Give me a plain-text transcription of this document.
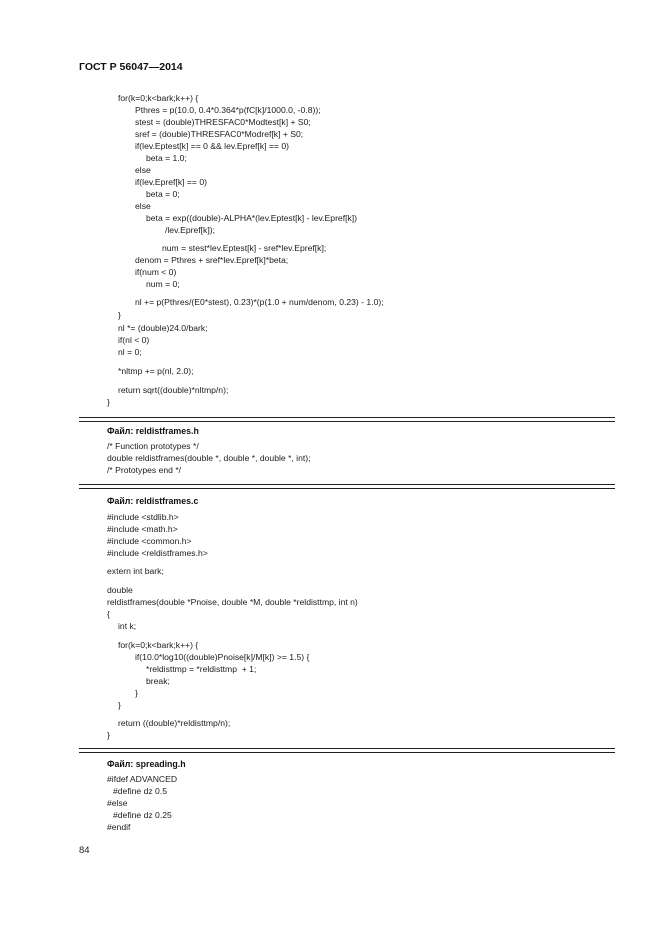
ГОСТ Р 56047—2014
for(k=0;k<bark;k++) {
Pthres = p(10.0, 0.4*0.364*p(fC[k]/1000.0, -0.8));
stest = (double)THRESFAC0*Modtest[k] + S0;
sref = (double)THRESFAC0*Modref[k] + S0;
if(lev.Eptest[k] == 0 && lev.Epref[k] == 0)
beta = 1.0;
else
if(lev.Epref[k] == 0)
beta = 0;
else
beta = exp((double)-ALPHA*(lev.Eptest[k] - lev.Epref[k])
/lev.Epref[k]);
num = stest*lev.Eptest[k] - sref*lev.Epref[k];
denom = Pthres + sref*lev.Epref[k]*beta;
if(num < 0)
num = 0;
nl += p(Pthres/(E0*stest), 0.23)*(p(1.0 + num/denom, 0.23) - 1.0);
}
nl *= (double)24.0/bark;
if(nl < 0)
nl = 0;
*nltmp += p(nl, 2.0);
return sqrt((double)*nltmp/n);
}
Файл: reldistframes.h
/* Function prototypes */
double reldistframes(double *, double *, double *, int);
/* Prototypes end */
Файл: reldistframes.c
#include <stdlib.h>
#include <math.h>
#include <common.h>
#include <reldistframes.h>
extern int bark;
double
reldistframes(double *Pnoise, double *M, double *reldisttmp, int n)
{
int k;
for(k=0;k<bark;k++) {
if(10.0*log10((double)Pnoise[k]/M[k]) >= 1.5) {
*reldisttmp = *reldisttmp  + 1;
break;
}
}
return ((double)*reldisttmp/n);
}
Файл: spreading.h
#ifdef ADVANCED
#define dz 0.5
#else
#define dz 0.25
#endif
84
